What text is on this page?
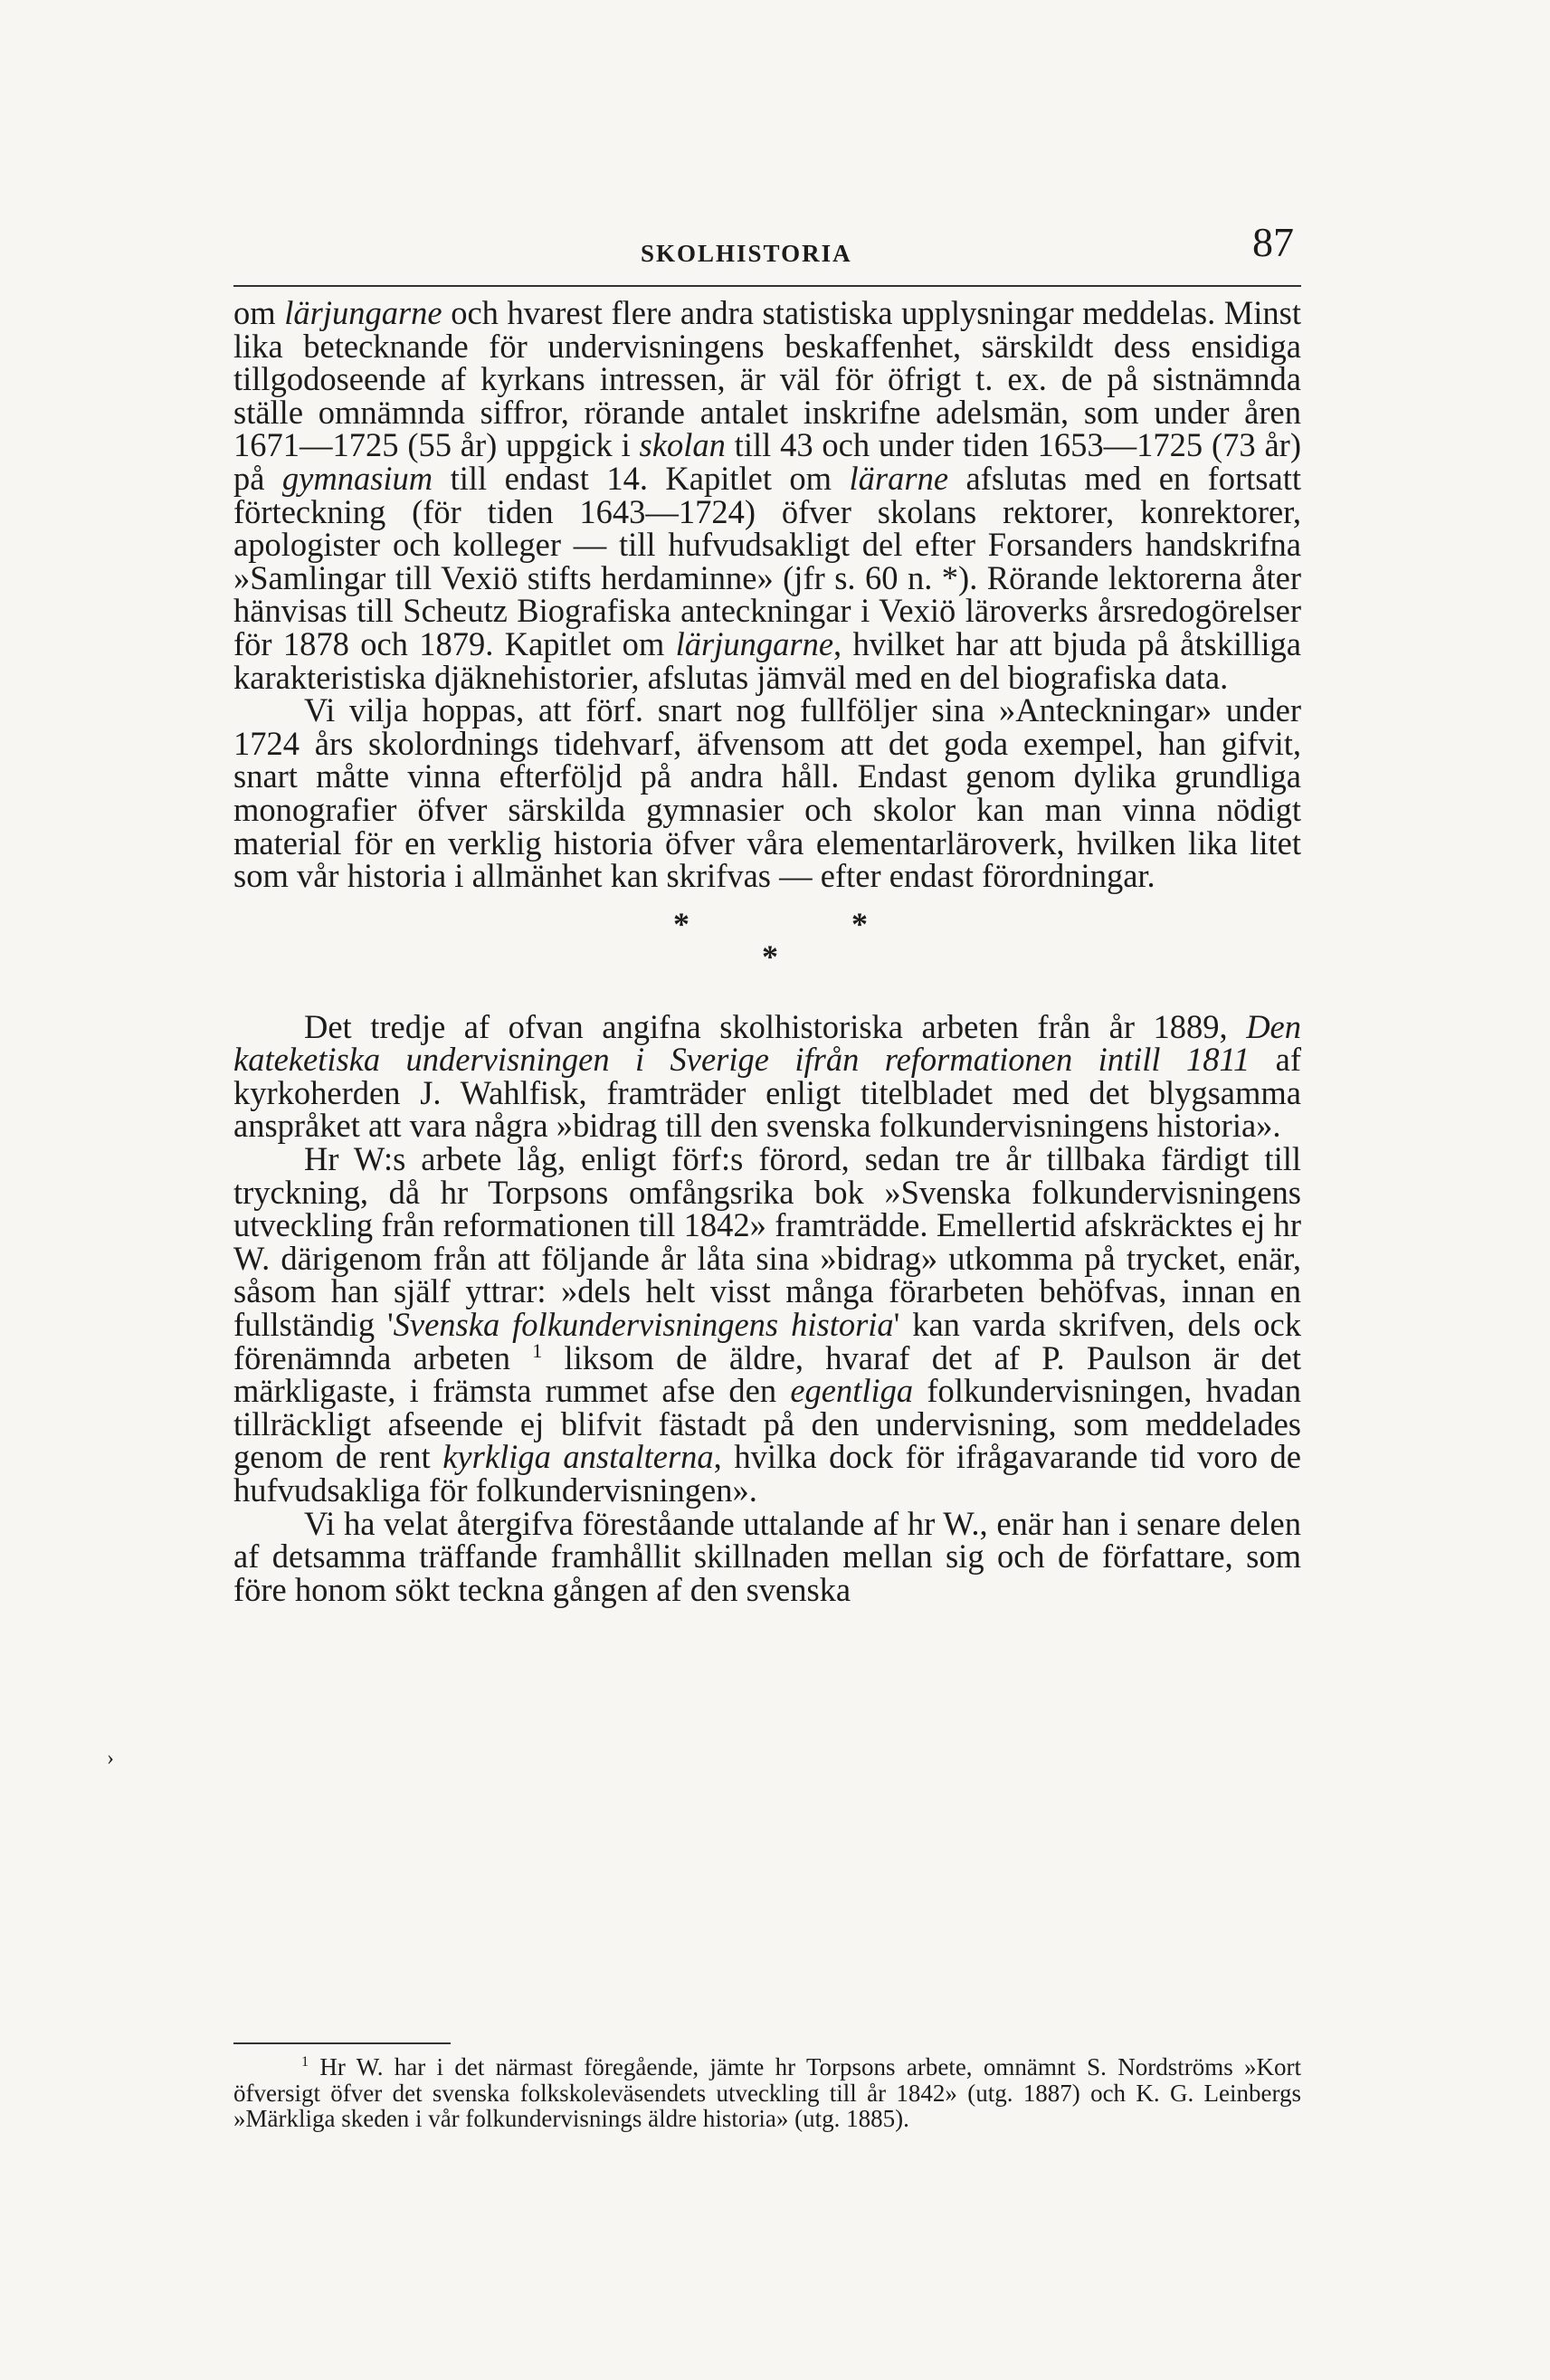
SKOLHISTORIA	87

om lärjungarne och hvarest flere andra statistiska upplysningar meddelas. Minst lika betecknande för undervisningens beskaffenhet, särskildt dess ensidiga tillgodoseende af kyrkans intressen, är väl för öfrigt t. ex. de på sistnämnda ställe omnämnda siffror, rörande antalet inskrifne adelsmän, som under åren 1671—1725 (55 år) uppgick i skolan till 43 och under tiden 1653—1725 (73 år) på gymnasium till endast 14. Kapitlet om lärarne afslutas med en fortsatt förteckning (för tiden 1643—1724) öfver skolans rektorer, konrektorer, apologister och kolleger — till hufvudsakligt del efter Forsanders handskrifna »Samlingar till Vexiö stifts herdaminne» (jfr s. 60 n. *). Rörande lektorerna åter hänvisas till Scheutz Biografiska anteckningar i Vexiö läroverks årsredogörelser för 1878 och 1879. Kapitlet om lärjungarne, hvilket har att bjuda på åtskilliga karakteristiska djäknehistorier, afslutas jämväl med en del biografiska data.

Vi vilja hoppas, att förf. snart nog fullföljer sina »Anteckningar» under 1724 års skolordnings tidehvarf, äfvensom att det goda exempel, han gifvit, snart måtte vinna efterföljd på andra håll. Endast genom dylika grundliga monografier öfver särskilda gymnasier och skolor kan man vinna nödigt material för en verklig historia öfver våra elementarläroverk, hvilken lika litet som vår historia i allmänhet kan skrifvas — efter endast förordningar.

*	*
*

Det tredje af ofvan angifna skolhistoriska arbeten från år 1889, Den kateketiska undervisningen i Sverige ifrån reformationen intill 1811 af kyrkoherden J. Wahlfisk, framträder enligt titelbladet med det blygsamma anspråket att vara några »bidrag till den svenska folkundervisningens historia».

Hr W:s arbete låg, enligt förf:s förord, sedan tre år tillbaka färdigt till tryckning, då hr Torpsons omfångsrika bok »Svenska folkundervisningens utveckling från reformationen till 1842» framträdde. Emellertid afskräcktes ej hr W. därigenom från att följande år låta sina »bidrag» utkomma på trycket, enär, såsom han själf yttrar: »dels helt visst många förarbeten behöfvas, innan en fullständig 'Svenska folkundervisningens historia' kan varda skrifven, dels ock förenämnda arbeten $^1$ liksom de äldre, hvaraf det af P. Paulson är det märkligaste, i främsta rummet afse den egentliga folkundervisningen, hvadan tillräckligt afseende ej blifvit fästadt på den undervisning, som meddelades genom de rent kyrkliga anstalterna, hvilka dock för ifrågavarande tid voro de hufvudsakliga för folkundervisningen».

Vi ha velat återgifva föreståande uttalande af hr W., enär han i senare delen af detsamma träffande framhållit skillnaden mellan sig och de författare, som före honom sökt teckna gången af den svenska

$^1$ Hr W. har i det närmast föregående, jämte hr Torpsons arbete, omnämnt S. Nordströms »Kort öfversigt öfver det svenska folkskoleväsendets utveckling till år 1842» (utg. 1887) och K. G. Leinbergs »Märkliga skeden i vår folkundervisnings äldre historia» (utg. 1885).

›
